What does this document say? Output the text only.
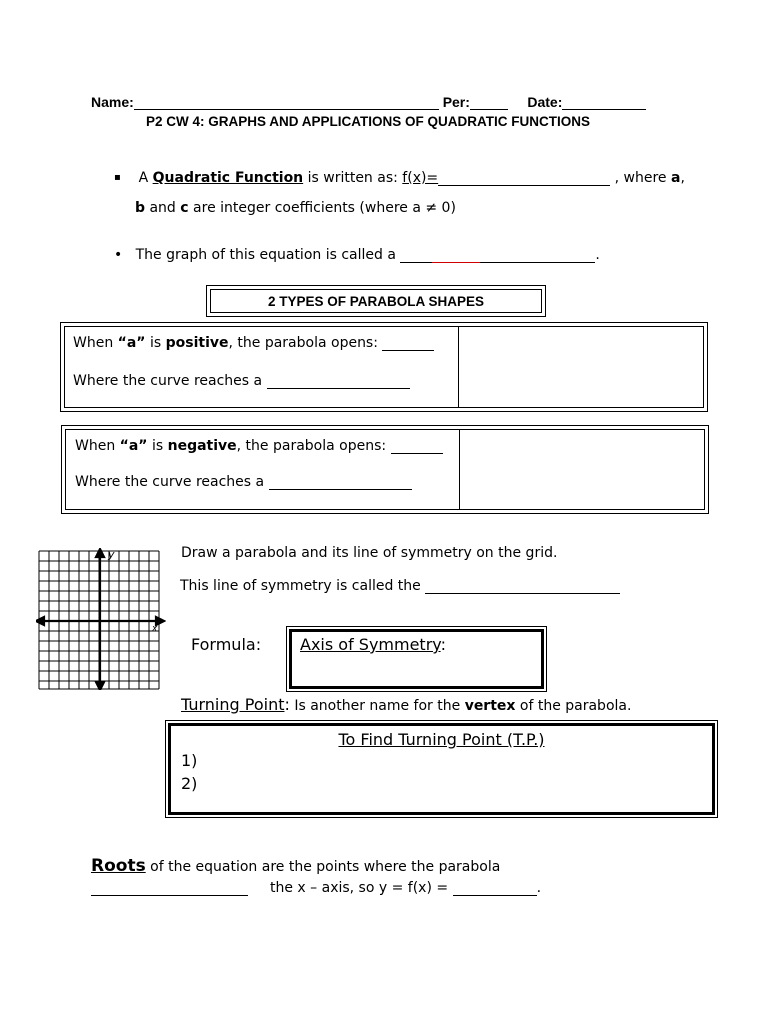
Name:	Per:	Date:
P2 CW 4: GRAPHS AND APPLICATIONS OF QUADRATIC FUNCTIONS
▪ A Quadratic Function is written as: f(x)=	, where a,
b and c are integer coefficients (where a ≠ 0)
• The graph of this equation is called a	.
2 TYPES OF PARABOLA SHAPES
When “a” is positive, the parabola opens:
Where the curve reaches a
When “a” is negative, the parabola opens:
Where the curve reaches a
y
x
Draw a parabola and its line of symmetry on the grid.
This line of symmetry is called the
Formula: Axis of Symmetry:
Turning Point: Is another name for the vertex of the parabola.
To Find Turning Point (T.P.)
1)
2)
Roots of the equation are the points where the parabola
the x – axis, so y = f(x) =	.
